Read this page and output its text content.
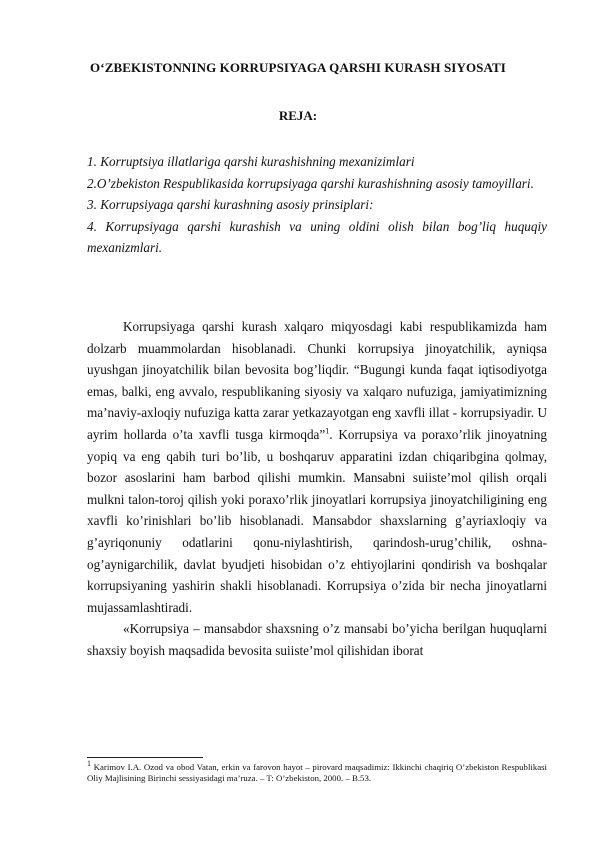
O‘ZBEKISTONNING KORRUPSIYAGA QARSHI KURASH SIYOSATI
REJA:
1. Korruptsiya illatlariga qarshi kurashishning mexanizimlari
2.O’zbekiston Respublikasida korrupsiyaga qarshi kurashishning asosiy tamoyillari.
3. Korrupsiyaga qarshi kurashning asosiy prinsiplari:
4. Korrupsiyaga qarshi kurashish va uning oldini olish bilan bog’liq huquqiy mexanizmlari.

Korrupsiyaga qarshi kurash xalqaro miqyosdagi kabi respublikamizda ham dolzarb muammolardan hisoblanadi. Chunki korrupsiya jinoyatchilik, ayniqsa uyushgan jinoyatchilik bilan bevosita bog’liqdir. “Bugungi kunda faqat iqtisodiyotga emas, balki, eng avvalo, respublikaning siyosiy va xalqaro nufuziga, jamiyatimizning ma’naviy-axloqiy nufuziga katta zarar yetkazayotgan eng xavfli illat - korrupsiyadir. U ayrim hollarda o’ta xavfli tusga kirmoqda”$^1$. Korrupsiya va poraxo’rlik jinoyatning yopiq va eng qabih turi bo’lib, u boshqaruv apparatini izdan chiqaribgina qolmay, bozor asoslarini ham barbod qilishi mumkin. Mansabni suiiste’mol qilish orqali mulkni talon-toroj qilish yoki poraxo’rlik jinoyatlari korrupsiya jinoyatchiligining eng xavfli ko’rinishlari bo’lib hisoblanadi. Mansabdor shaxslarning g’ayriaxloqiy va g’ayriqonuniy odatlarini qonu-niylashtirish, qarindosh-urug’chilik, oshna-og’aynigarchilik, davlat byudjeti hisobidan o’z ehtiyojlarini qondirish va boshqalar korrupsiyaning yashirin shakli hisoblanadi. Korrupsiya o’zida bir necha jinoyatlarni mujassamlashtiradi.

«Korrupsiya – mansabdor shaxsning o’z mansabi bo’yicha berilgan huquqlarni shaxsiy boyish maqsadida bevosita suiiste’mol qilishidan iborat

$^1$ Karimov I.A. Ozod va obod Vatan, erkin va farovon hayot – pirovard maqsadimiz: Ikkinchi chaqiriq O’zbekiston Respublikasi Oliy Majlisining Birinchi sessiyasidagi ma’ruza. – T: O’zbekiston, 2000. – B.53.
